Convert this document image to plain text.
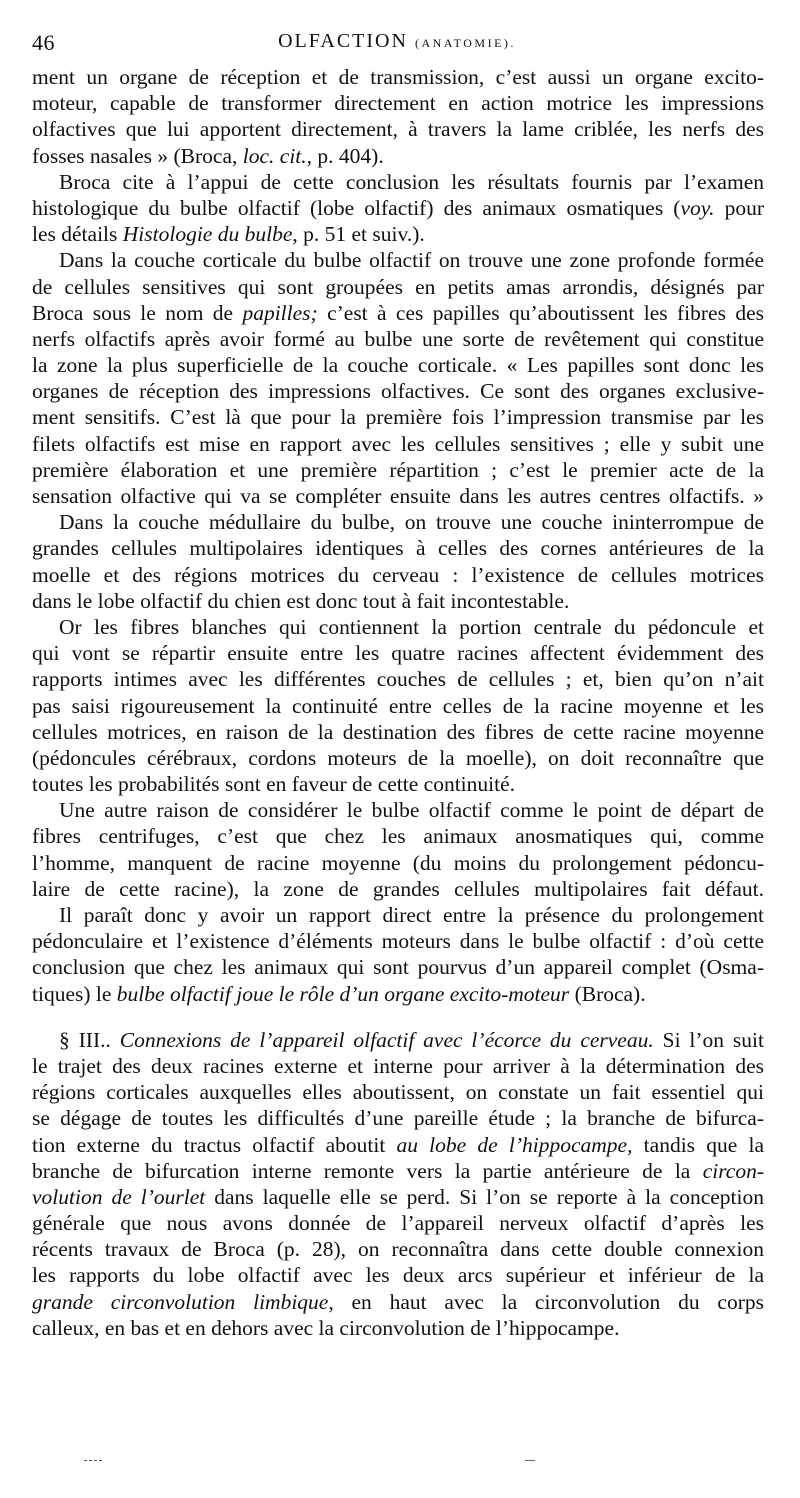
46	OLFACTION (ANATOMIE).
ment un organe de réception et de transmission, c’est aussi un organe excito-
moteur, capable de transformer directement en action motrice les impressions
olfactives que lui apportent directement, à travers la lame criblée, les nerfs des
fosses nasales » (Broca, loc. cit., p. 404).
Broca cite à l’appui de cette conclusion les résultats fournis par l’examen
histologique du bulbe olfactif (lobe olfactif) des animaux osmatiques (voy. pour
les détails Histologie du bulbe, p. 51 et suiv.).
Dans la couche corticale du bulbe olfactif on trouve une zone profonde formée
de cellules sensitives qui sont groupées en petits amas arrondis, désignés par
Broca sous le nom de papilles; c’est à ces papilles qu’aboutissent les fibres des
nerfs olfactifs après avoir formé au bulbe une sorte de revêtement qui constitue
la zone la plus superficielle de la couche corticale. « Les papilles sont donc les
organes de réception des impressions olfactives. Ce sont des organes exclusive-
ment sensitifs. C’est là que pour la première fois l’impression transmise par les
filets olfactifs est mise en rapport avec les cellules sensitives ; elle y subit une
première élaboration et une première répartition ; c’est le premier acte de la
sensation olfactive qui va se compléter ensuite dans les autres centres olfactifs. »
Dans la couche médullaire du bulbe, on trouve une couche ininterrompue de
grandes cellules multipolaires identiques à celles des cornes antérieures de la
moelle et des régions motrices du cerveau : l’existence de cellules motrices
dans le lobe olfactif du chien est donc tout à fait incontestable.
Or les fibres blanches qui contiennent la portion centrale du pédoncule et
qui vont se répartir ensuite entre les quatre racines affectent évidemment des
rapports intimes avec les différentes couches de cellules ; et, bien qu’on n’ait
pas saisi rigoureusement la continuité entre celles de la racine moyenne et les
cellules motrices, en raison de la destination des fibres de cette racine moyenne
(pédoncules cérébraux, cordons moteurs de la moelle), on doit reconnaître que
toutes les probabilités sont en faveur de cette continuité.
Une autre raison de considérer le bulbe olfactif comme le point de départ de
fibres centrifuges, c’est que chez les animaux anosmatiques qui, comme
l’homme, manquent de racine moyenne (du moins du prolongement pédoncu-
laire de cette racine), la zone de grandes cellules multipolaires fait défaut.
Il paraît donc y avoir un rapport direct entre la présence du prolongement
pédonculaire et l’existence d’éléments moteurs dans le bulbe olfactif : d’où cette
conclusion que chez les animaux qui sont pourvus d’un appareil complet (Osma-
tiques) le bulbe olfactif joue le rôle d’un organe excito-moteur (Broca).
§ III.. Connexions de l’appareil olfactif avec l’écorce du cerveau. Si l’on suit
le trajet des deux racines externe et interne pour arriver à la détermination des
régions corticales auxquelles elles aboutissent, on constate un fait essentiel qui
se dégage de toutes les difficultés d’une pareille étude ; la branche de bifurca-
tion externe du tractus olfactif aboutit au lobe de l’hippocampe, tandis que la
branche de bifurcation interne remonte vers la partie antérieure de la circon-
volution de l’ourlet dans laquelle elle se perd. Si l’on se reporte à la conception
générale que nous avons donnée de l’appareil nerveux olfactif d’après les
récents travaux de Broca (p. 28), on reconnaîtra dans cette double connexion
les rapports du lobe olfactif avec les deux arcs supérieur et inférieur de la
grande circonvolution limbique, en haut avec la circonvolution du corps
calleux, en bas et en dehors avec la circonvolution de l’hippocampe.
